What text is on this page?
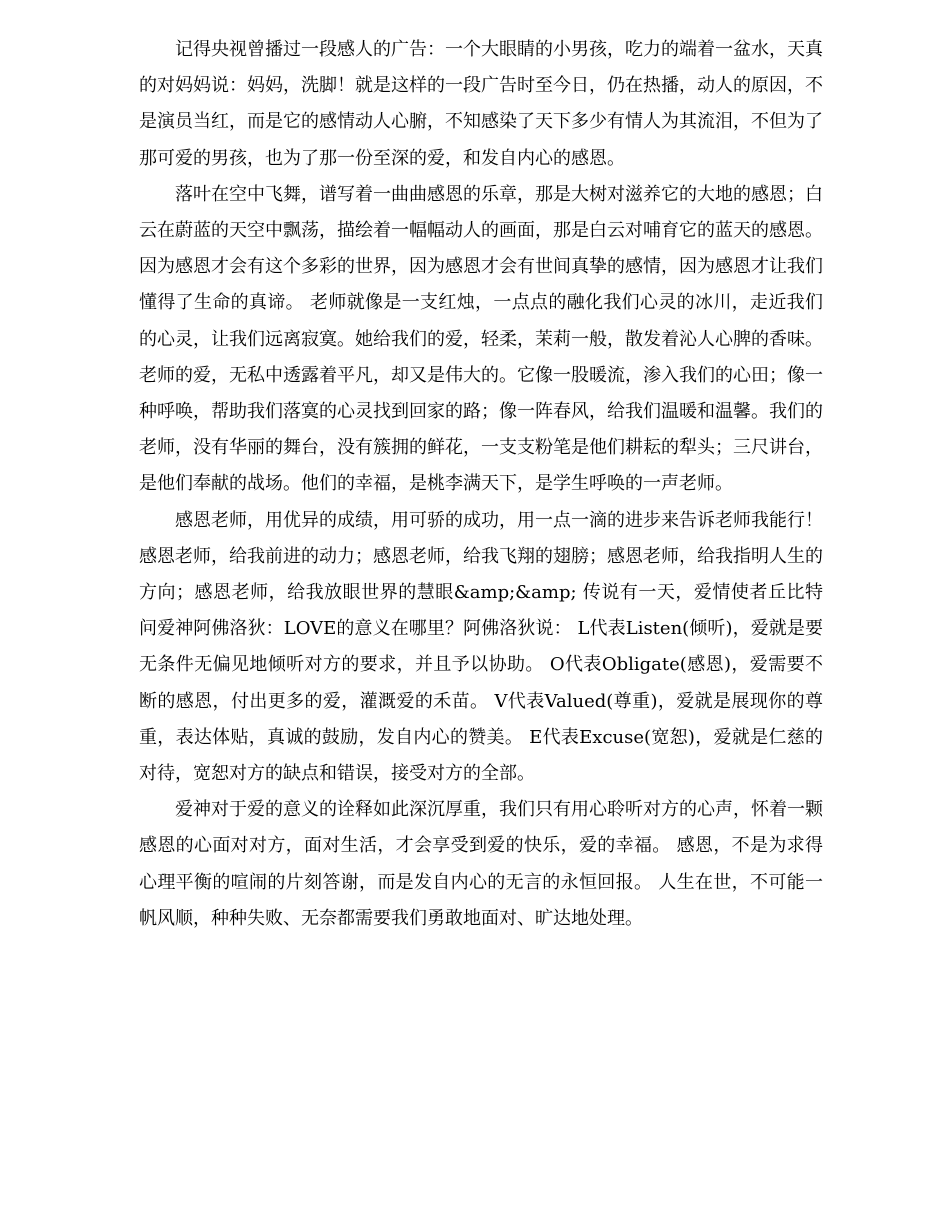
记得央视曾播过一段感人的广告：一个大眼睛的小男孩，吃力的端着一盆水，天真的对妈妈说：妈妈，洗脚！就是这样的一段广告时至今日，仍在热播，动人的原因，不是演员当红，而是它的感情动人心腑，不知感染了天下多少有情人为其流泪，不但为了那可爱的男孩，也为了那一份至深的爱，和发自内心的感恩。

落叶在空中飞舞，谱写着一曲曲感恩的乐章，那是大树对滋养它的大地的感恩；白云在蔚蓝的天空中飘荡，描绘着一幅幅动人的画面，那是白云对哺育它的蓝天的感恩。因为感恩才会有这个多彩的世界，因为感恩才会有世间真挚的感情，因为感恩才让我们懂得了生命的真谛。 老师就像是一支红烛，一点点的融化我们心灵的冰川，走近我们的心灵，让我们远离寂寞。她给我们的爱，轻柔，茉莉一般，散发着沁人心脾的香味。老师的爱，无私中透露着平凡，却又是伟大的。它像一股暖流，渗入我们的心田；像一种呼唤，帮助我们落寞的心灵找到回家的路；像一阵春风，给我们温暖和温馨。我们的老师，没有华丽的舞台，没有簇拥的鲜花，一支支粉笔是他们耕耘的犁头；三尺讲台，是他们奉献的战场。他们的幸福，是桃李满天下，是学生呼唤的一声老师。

感恩老师，用优异的成绩，用可骄的成功，用一点一滴的进步来告诉老师我能行！ 感恩老师，给我前进的动力；感恩老师，给我飞翔的翅膀；感恩老师，给我指明人生的方向；感恩老师，给我放眼世界的慧眼&amp;&amp; 传说有一天，爱情使者丘比特问爱神阿佛洛狄：LOVE的意义在哪里？阿佛洛狄说： L代表Listen(倾听)，爱就是要无条件无偏见地倾听对方的要求，并且予以协助。 O代表Obligate(感恩)，爱需要不断的感恩，付出更多的爱，灌溉爱的禾苗。 V代表Valued(尊重)，爱就是展现你的尊重，表达体贴，真诚的鼓励，发自内心的赞美。 E代表Excuse(宽恕)，爱就是仁慈的对待，宽恕对方的缺点和错误，接受对方的全部。

爱神对于爱的意义的诠释如此深沉厚重，我们只有用心聆听对方的心声，怀着一颗感恩的心面对对方，面对生活，才会享受到爱的快乐，爱的幸福。 感恩，不是为求得心理平衡的喧闹的片刻答谢，而是发自内心的无言的永恒回报。 人生在世，不可能一帆风顺，种种失败、无奈都需要我们勇敢地面对、旷达地处理。
